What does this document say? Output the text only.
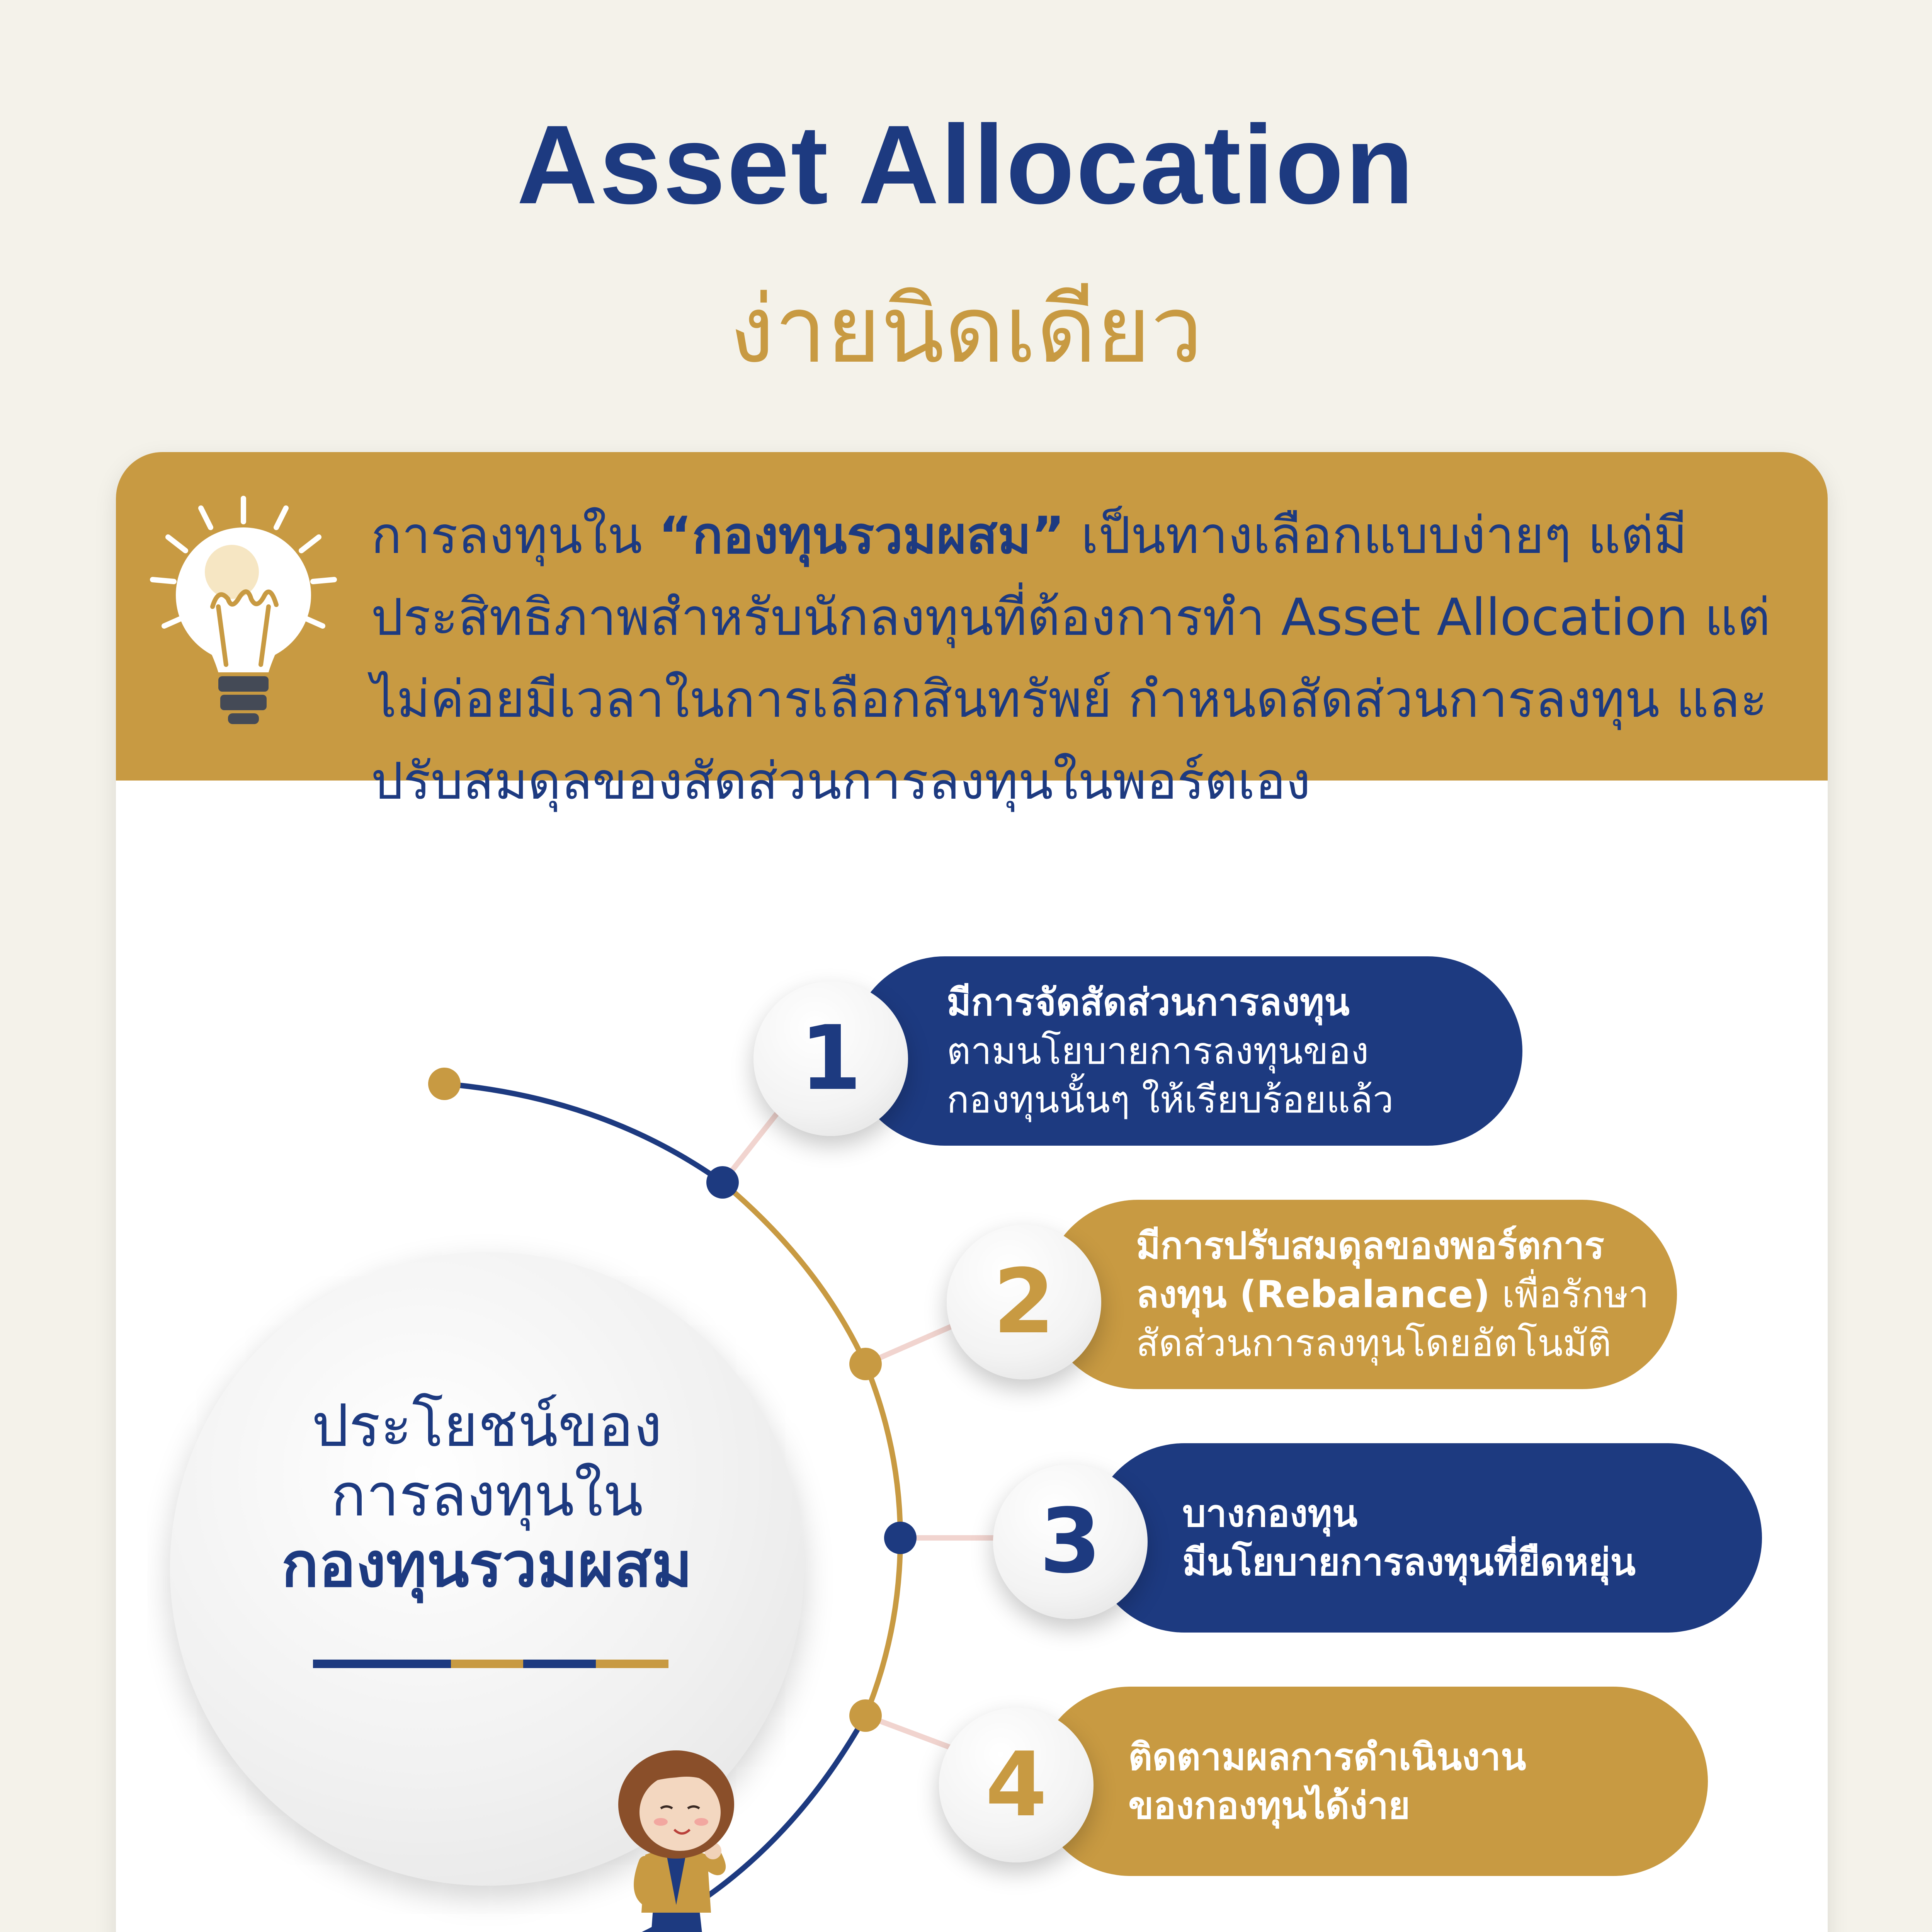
Asset Allocation
ง่ายนิดเดียว
การลงทุนใน “กองทุนรวมผสม” เป็นทางเลือกแบบง่ายๆ แต่มีประสิทธิภาพสำหรับนักลงทุนที่ต้องการทำ Asset Allocation แต่ไม่ค่อยมีเวลาในการเลือกสินทรัพย์ กำหนดสัดส่วนการลงทุน และปรับสมดุลของสัดส่วนการลงทุนในพอร์ตเอง
ประโยชน์ของ
การลงทุนใน
กองทุนรวมผสม
มีการจัดสัดส่วนการลงทุน
ตามนโยบายการลงทุนของ
กองทุนนั้นๆ ให้เรียบร้อยแล้ว
1
มีการปรับสมดุลของพอร์ตการ
ลงทุน (Rebalance) เพื่อรักษา
สัดส่วนการลงทุนโดยอัตโนมัติ
2
บางกองทุน
มีนโยบายการลงทุนที่ยืดหยุ่น
3
ติดตามผลการดำเนินงาน
ของกองทุนได้ง่าย
4
